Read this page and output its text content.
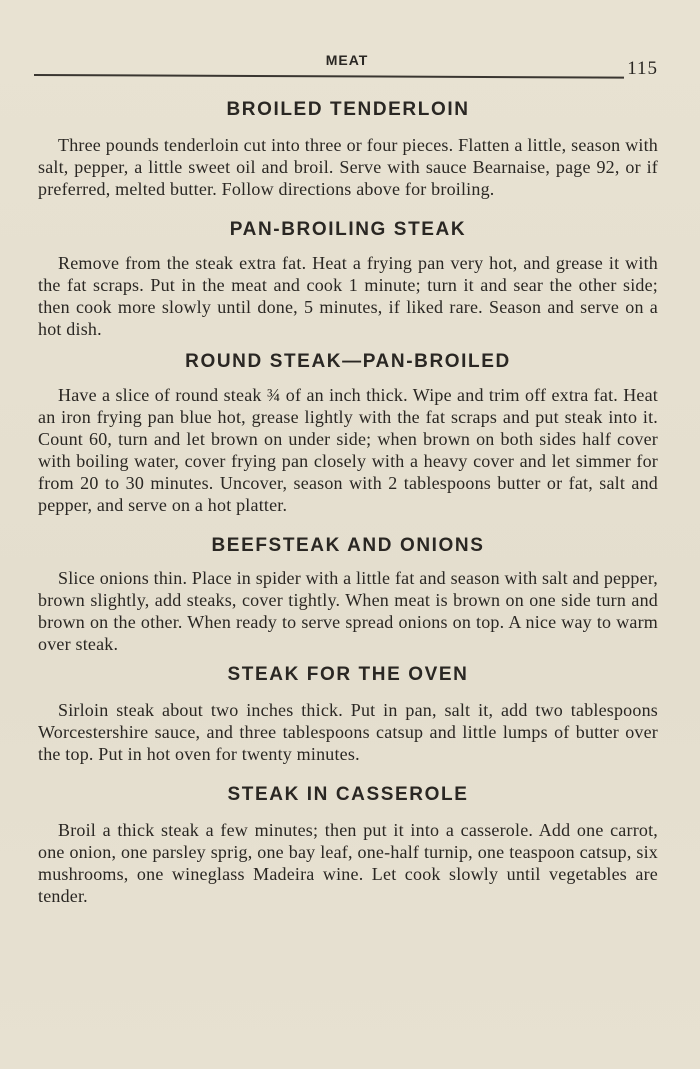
MEAT	115
BROILED TENDERLOIN

Three pounds tenderloin cut into three or four pieces. Flatten a little, season with salt, pepper, a little sweet oil and broil. Serve with sauce Bearnaise, page 92, or if preferred, melted butter. Follow directions above for broiling.

PAN-BROILING STEAK

Remove from the steak extra fat. Heat a frying pan very hot, and grease it with the fat scraps. Put in the meat and cook 1 minute; turn it and sear the other side; then cook more slowly until done, 5 minutes, if liked rare. Season and serve on a hot dish.

ROUND STEAK—PAN-BROILED

Have a slice of round steak ¾ of an inch thick. Wipe and trim off extra fat. Heat an iron frying pan blue hot, grease lightly with the fat scraps and put steak into it. Count 60, turn and let brown on under side; when brown on both sides half cover with boiling water, cover frying pan closely with a heavy cover and let simmer for from 20 to 30 minutes. Uncover, season with 2 tablespoons butter or fat, salt and pepper, and serve on a hot platter.

BEEFSTEAK AND ONIONS

Slice onions thin. Place in spider with a little fat and season with salt and pepper, brown slightly, add steaks, cover tightly. When meat is brown on one side turn and brown on the other. When ready to serve spread onions on top. A nice way to warm over steak.

STEAK FOR THE OVEN

Sirloin steak about two inches thick. Put in pan, salt it, add two tablespoons Worcestershire sauce, and three tablespoons catsup and little lumps of butter over the top. Put in hot oven for twenty minutes.

STEAK IN CASSEROLE

Broil a thick steak a few minutes; then put it into a casserole. Add one carrot, one onion, one parsley sprig, one bay leaf, one-half turnip, one teaspoon catsup, six mushrooms, one wineglass Madeira wine. Let cook slowly until vegetables are tender.
